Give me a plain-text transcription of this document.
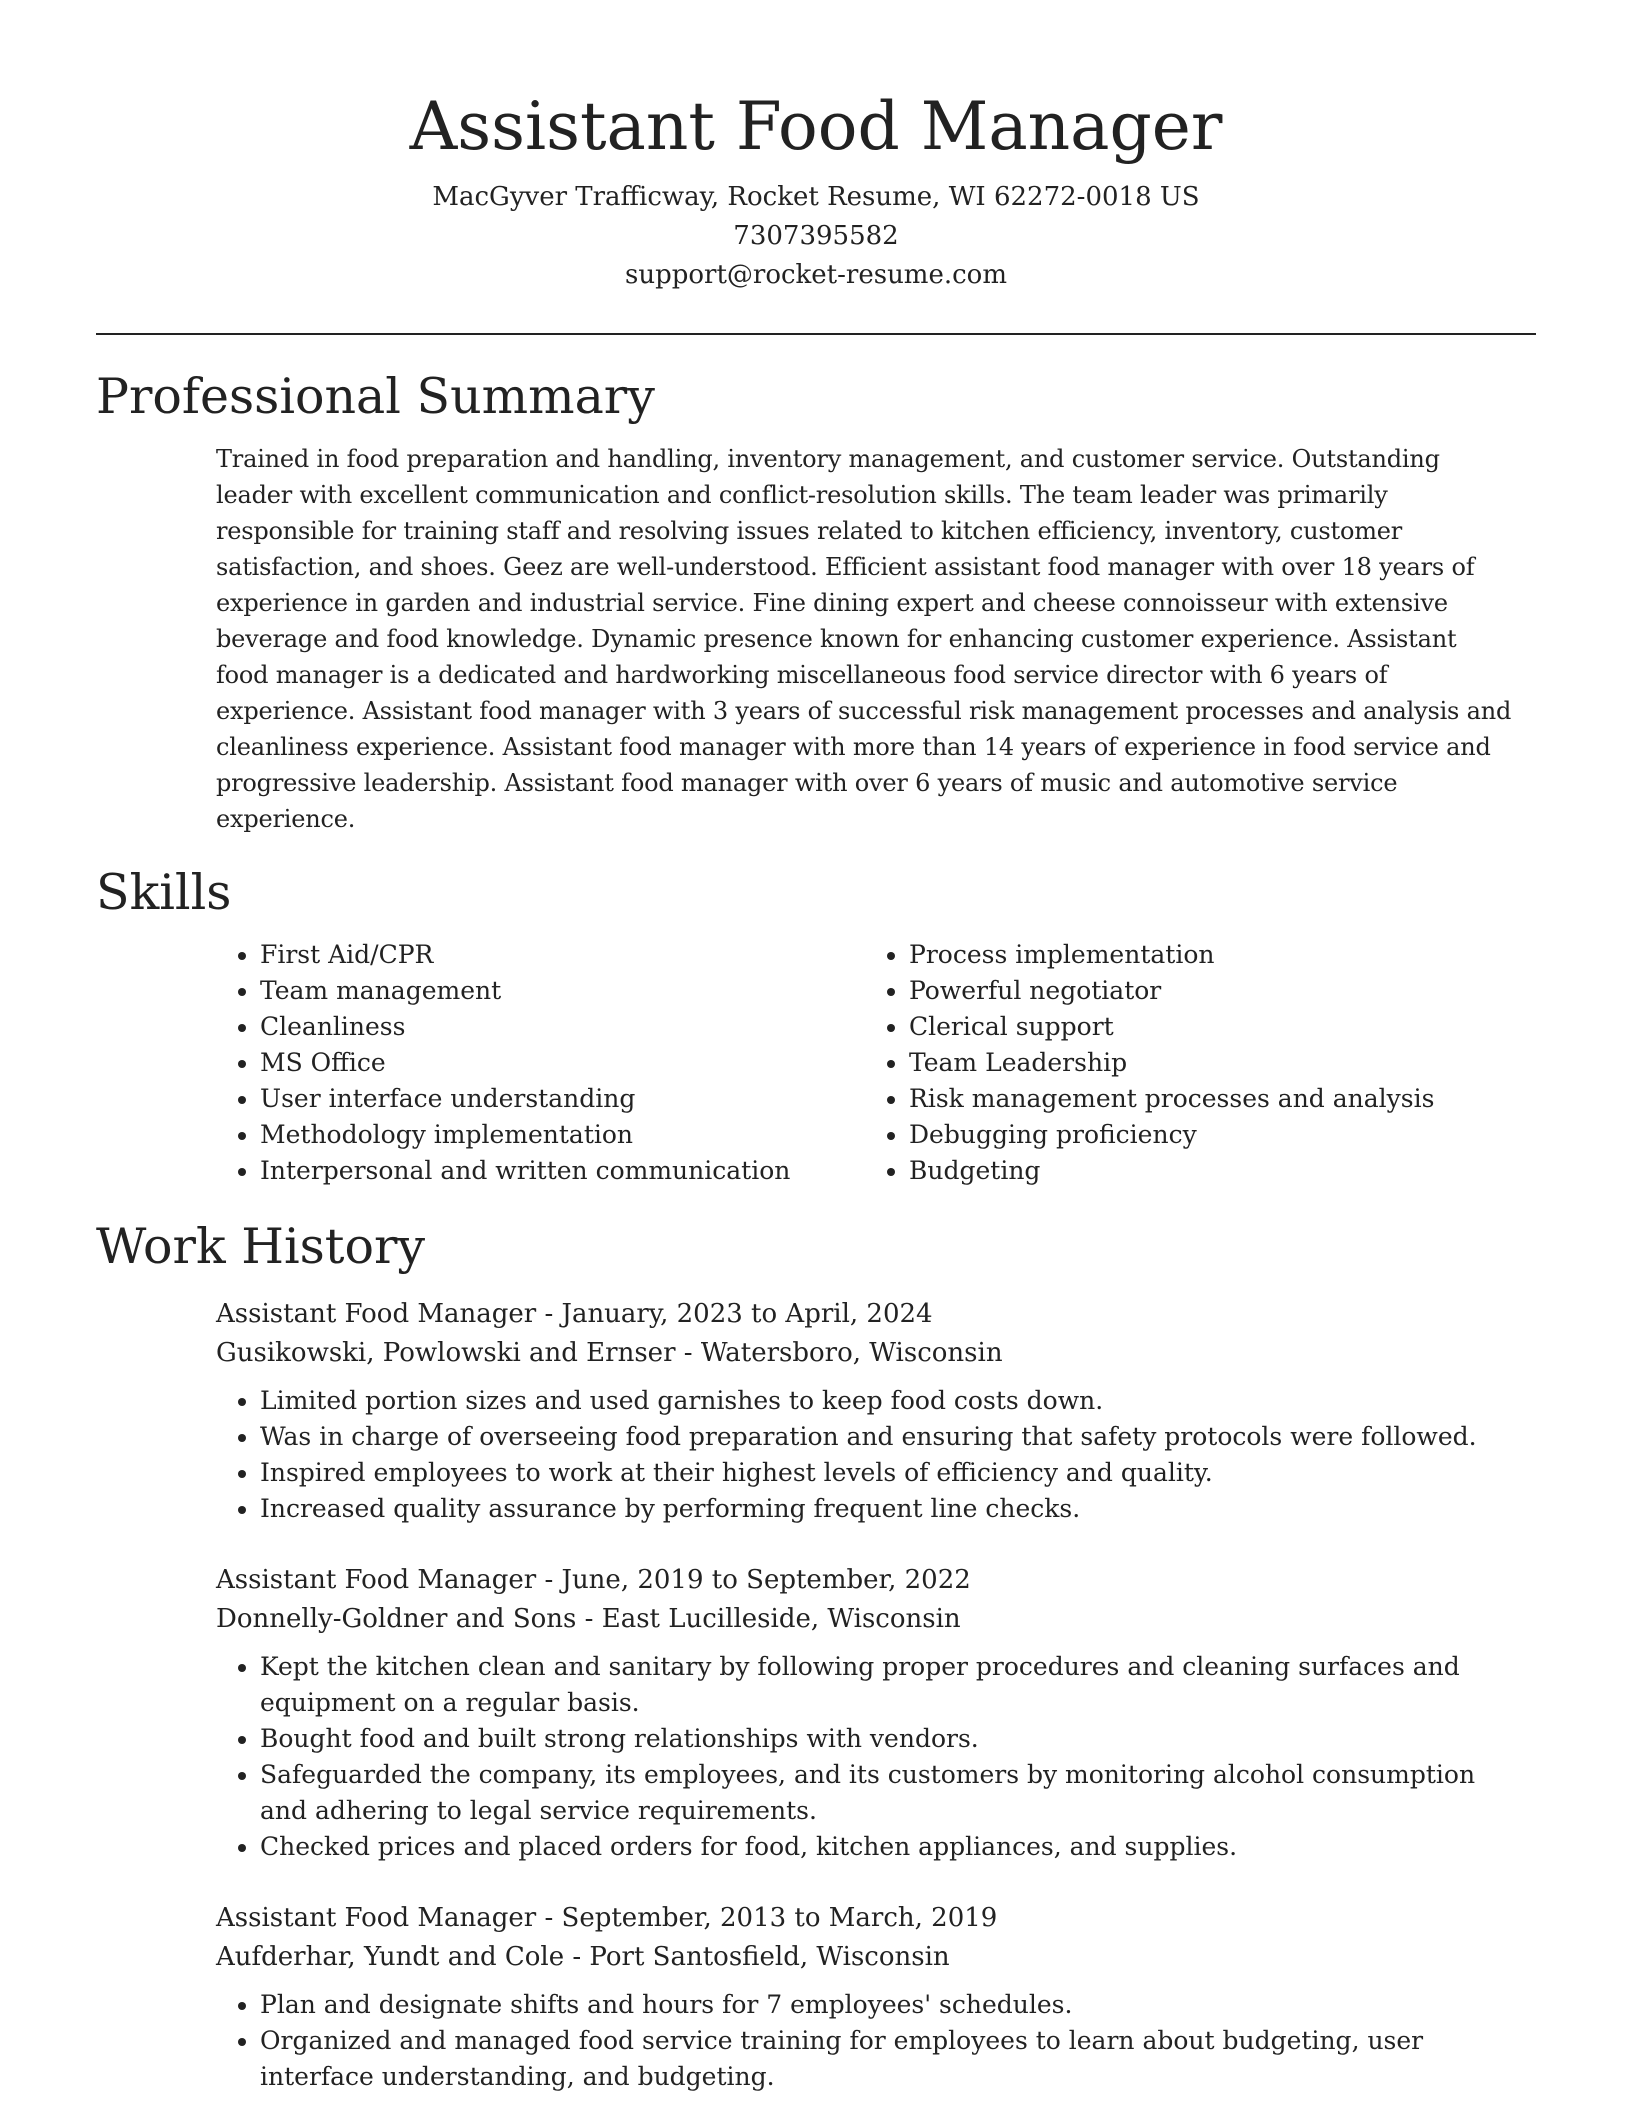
Assistant Food Manager

MacGyver Trafficway, Rocket Resume, WI 62272-0018 US

7307395582

support@rocket-resume.com

Professional Summary

Trained in food preparation and handling, inventory management, and customer service. Outstanding leader with excellent communication and conflict-resolution skills. The team leader was primarily responsible for training staff and resolving issues related to kitchen efficiency, inventory, customer satisfaction, and shoes. Geez are well-understood. Efficient assistant food manager with over 18 years of experience in garden and industrial service. Fine dining expert and cheese connoisseur with extensive beverage and food knowledge. Dynamic presence known for enhancing customer experience. Assistant food manager is a dedicated and hardworking miscellaneous food service director with 6 years of experience. Assistant food manager with 3 years of successful risk management processes and analysis and cleanliness experience. Assistant food manager with more than 14 years of experience in food service and progressive leadership. Assistant food manager with over 6 years of music and automotive service experience.

Skills
• First Aid/CPR
• Team management
• Cleanliness
• MS Office
• User interface understanding
• Methodology implementation
• Interpersonal and written communication
• Process implementation
• Powerful negotiator
• Clerical support
• Team Leadership
• Risk management processes and analysis
• Debugging proficiency
• Budgeting
Work History

Assistant Food Manager - January, 2023 to April, 2024

Gusikowski, Powlowski and Ernser - Watersboro, Wisconsin

• Limited portion sizes and used garnishes to keep food costs down.
• Was in charge of overseeing food preparation and ensuring that safety protocols were followed.
• Inspired employees to work at their highest levels of efficiency and quality.
• Increased quality assurance by performing frequent line checks.

Assistant Food Manager - June, 2019 to September, 2022

Donnelly-Goldner and Sons - East Lucilleside, Wisconsin

• Kept the kitchen clean and sanitary by following proper procedures and cleaning surfaces and equipment on a regular basis.
• Bought food and built strong relationships with vendors.
• Safeguarded the company, its employees, and its customers by monitoring alcohol consumption and adhering to legal service requirements.
• Checked prices and placed orders for food, kitchen appliances, and supplies.

Assistant Food Manager - September, 2013 to March, 2019

Aufderhar, Yundt and Cole - Port Santosfield, Wisconsin

• Plan and designate shifts and hours for 7 employees' schedules.
• Organized and managed food service training for employees to learn about budgeting, user interface understanding, and budgeting.
